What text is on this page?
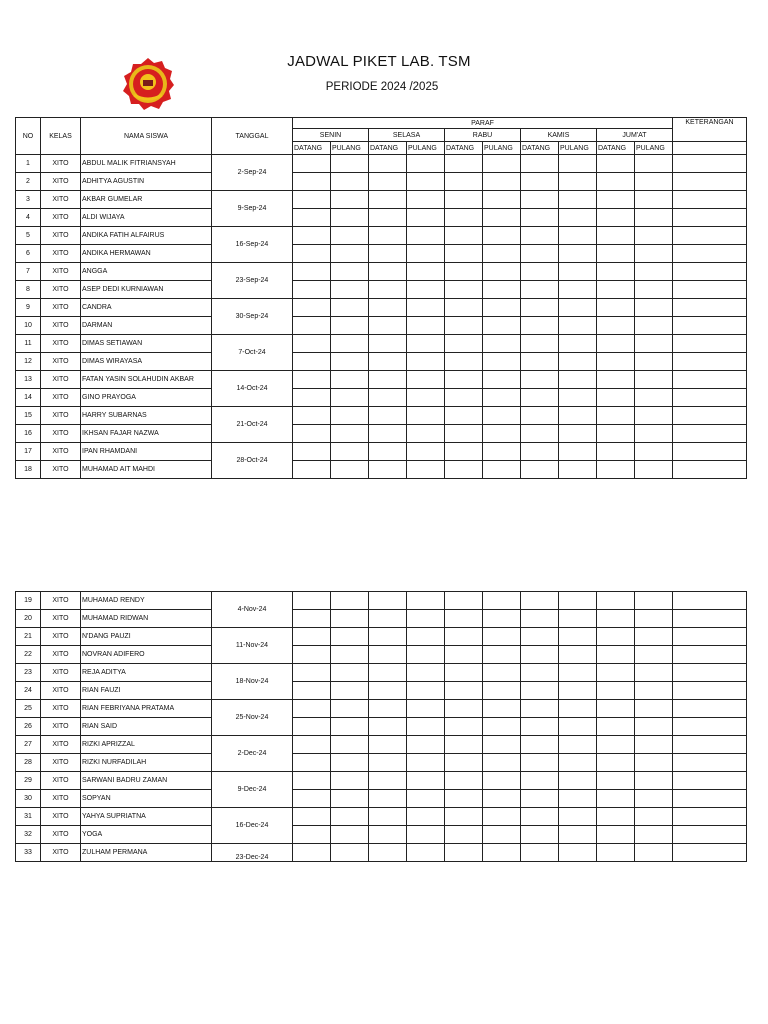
JADWAL PIKET LAB. TSM
PERIODE 2024 /2025
NO	KELAS	NAMA SISWA	TANGGAL	PARAF										KETERANGAN
				SENIN		SELASA		RABU		KAMIS		JUM'AT		
				DATANG	PULANG	DATANG	PULANG	DATANG	PULANG	DATANG	PULANG	DATANG	PULANG	
1	XITO	ABDUL MALIK FITRIANSYAH	2-Sep-24											
2	XITO	ADHITYA AGUSTIN												
3	XITO	AKBAR GUMELAR	9-Sep-24											
4	XITO	ALDI WIJAYA												
5	XITO	ANDIKA FATIH ALFAIRUS	16-Sep-24											
6	XITO	ANDIKA HERMAWAN												
7	XITO	ANGGA	23-Sep-24											
8	XITO	ASEP DEDI KURNIAWAN												
9	XITO	CANDRA	30-Sep-24											
10	XITO	DARMAN												
11	XITO	DIMAS SETIAWAN	7-Oct-24											
12	XITO	DIMAS WIRAYASA												
13	XITO	FATAN YASIN SOLAHUDIN AKBAR	14-Oct-24											
14	XITO	GINO PRAYOGA												
15	XITO	HARRY SUBARNAS	21-Oct-24											
16	XITO	IKHSAN FAJAR NAZWA												
17	XITO	IPAN RHAMDANI	28-Oct-24											
18	XITO	MUHAMAD AIT MAHDI												
19	XITO	MUHAMAD RENDY	4-Nov-24											
20	XITO	MUHAMAD RIDWAN												
21	XITO	N'DANG PAUZI	11-Nov-24											
22	XITO	NOVRAN ADIFERO												
23	XITO	REJA ADITYA	18-Nov-24											
24	XITO	RIAN FAUZI												
25	XITO	RIAN FEBRIYANA PRATAMA	25-Nov-24											
26	XITO	RIAN SAID												
27	XITO	RIZKI APRIZZAL	2-Dec-24											
28	XITO	RIZKI NURFADILAH												
29	XITO	SARWANI BADRU ZAMAN	9-Dec-24											
30	XITO	SOPYAN												
31	XITO	YAHYA SUPRIATNA	16-Dec-24											
32	XITO	YOGA												
33	XITO	ZULHAM PERMANA	23-Dec-24											
